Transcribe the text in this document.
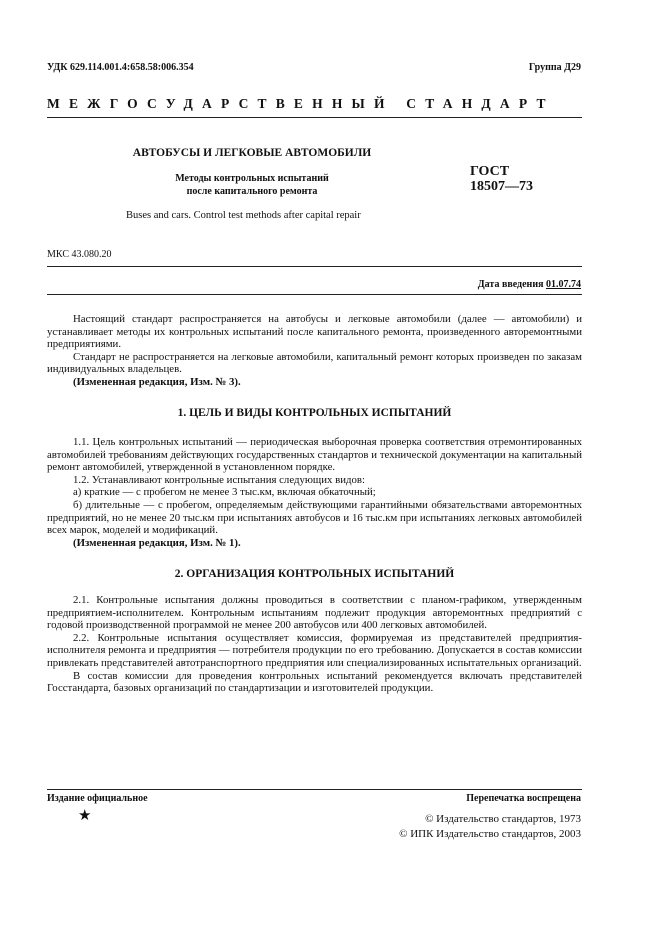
УДК 629.114.001.4:658.58:006.354	Группа Д29
МЕЖГОСУДАРСТВЕННЫЙ СТАНДАРТ
АВТОБУСЫ И ЛЕГКОВЫЕ АВТОМОБИЛИ
Методы контрольных испытаний
после капитального ремонта
ГОСТ
18507—73
Buses and cars. Control test methods after capital repair
МКС 43.080.20
Дата введения 01.07.74

Настоящий стандарт распространяется на автобусы и легковые автомобили (далее — автомобили) и устанавливает методы их контрольных испытаний после капитального ремонта, произведенного авторемонтными предприятиями.

Стандарт не распространяется на легковые автомобили, капитальный ремонт которых произведен по заказам индивидуальных владельцев.

(Измененная редакция, Изм. № 3).

1. ЦЕЛЬ И ВИДЫ КОНТРОЛЬНЫХ ИСПЫТАНИЙ

1.1. Цель контрольных испытаний — периодическая выборочная проверка соответствия отремонтированных автомобилей требованиям действующих государственных стандартов и технической документации на капитальный ремонт автомобилей, утвержденной в установленном порядке.

1.2. Устанавливают контрольные испытания следующих видов:

а) краткие — с пробегом не менее 3 тыс.км, включая обкаточный;

б) длительные — с пробегом, определяемым действующими гарантийными обязательствами авторемонтных предприятий, но не менее 20 тыс.км при испытаниях автобусов и 16 тыс.км при испытаниях легковых автомобилей всех марок, моделей и модификаций.

(Измененная редакция, Изм. № 1).

2. ОРГАНИЗАЦИЯ КОНТРОЛЬНЫХ ИСПЫТАНИЙ

2.1. Контрольные испытания должны проводиться в соответствии с планом-графиком, утвержденным предприятием-исполнителем. Контрольным испытаниям подлежит продукция авторемонтных предприятий с годовой производственной программой не менее 200 автобусов или 400 легковых автомобилей.

2.2. Контрольные испытания осуществляет комиссия, формируемая из представителей предприятия-исполнителя ремонта и предприятия — потребителя продукции по его требованию. Допускается в состав комиссии привлекать представителей автотранспортного предприятия или специализированных испытательных организаций.

В состав комиссии для проведения контрольных испытаний рекомендуется включать представителей Госстандарта, базовых организаций по стандартизации и изготовителей продукции.

Издание официальное	Перепечатка воспрещена
★	© Издательство стандартов, 1973
© ИПК Издательство стандартов, 2003
